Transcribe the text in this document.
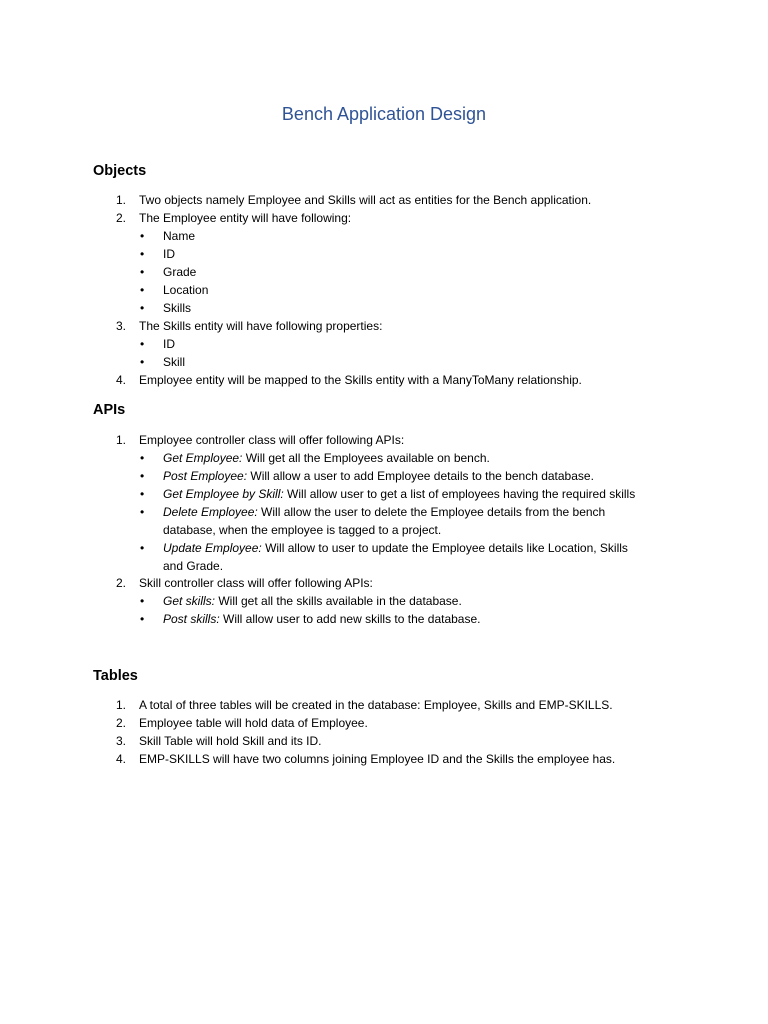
Bench Application Design
Objects
1.	Two objects namely Employee and Skills will act as entities for the Bench application.
2.	The Employee entity will have following:
• Name
• ID
• Grade
• Location
• Skills
3.	The Skills entity will have following properties:
• ID
• Skill
4.	Employee entity will be mapped to the Skills entity with a ManyToMany relationship.
APIs
1.	Employee controller class will offer following APIs:
• Get Employee: Will get all the Employees available on bench.
• Post Employee: Will allow a user to add Employee details to the bench database.
• Get Employee by Skill: Will allow user to get a list of employees having the required skills
• Delete Employee: Will allow the user to delete the Employee details from the bench
database, when the employee is tagged to a project.
• Update Employee: Will allow to user to update the Employee details like Location, Skills
and Grade.
2.	Skill controller class will offer following APIs:
• Get skills: Will get all the skills available in the database.
• Post skills: Will allow user to add new skills to the database.
Tables
1.	A total of three tables will be created in the database: Employee, Skills and EMP-SKILLS.
2.	Employee table will hold data of Employee.
3.	Skill Table will hold Skill and its ID.
4.	EMP-SKILLS will have two columns joining Employee ID and the Skills the employee has.
